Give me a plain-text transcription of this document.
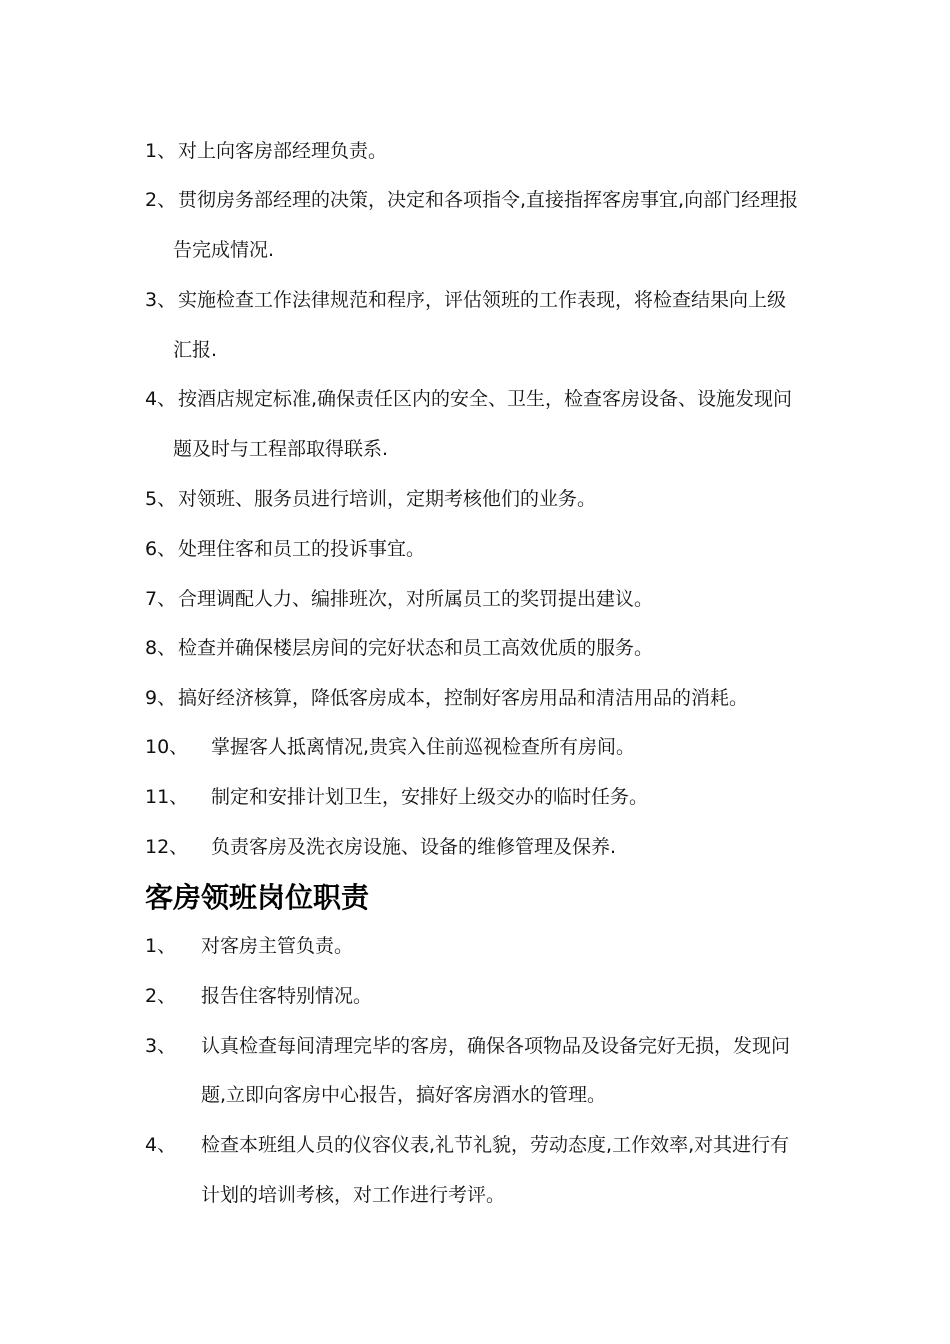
1、 对上向客房部经理负责。
2、 贯彻房务部经理的决策，决定和各项指令,直接指挥客房事宜,向部门经理报
告完成情况.
3、 实施检查工作法律规范和程序，评估领班的工作表现，将检查结果向上级
汇报.
4、 按酒店规定标准,确保责任区内的安全、卫生，检查客房设备、设施发现问
题及时与工程部取得联系.
5、 对领班、服务员进行培训，定期考核他们的业务。
6、 处理住客和员工的投诉事宜。
7、 合理调配人力、编排班次，对所属员工的奖罚提出建议。
8、 检查并确保楼层房间的完好状态和员工高效优质的服务。
9、 搞好经济核算，降低客房成本，控制好客房用品和清洁用品的消耗。
10、 掌握客人抵离情况,贵宾入住前巡视检查所有房间。
11、 制定和安排计划卫生，安排好上级交办的临时任务。
12、 负责客房及洗衣房设施、设备的维修管理及保养.
客房领班岗位职责
1、 对客房主管负责。
2、 报告住客特别情况。
3、 认真检查每间清理完毕的客房，确保各项物品及设备完好无损，发现问
题,立即向客房中心报告，搞好客房酒水的管理。
4、 检查本班组人员的仪容仪表,礼节礼貌，劳动态度,工作效率,对其进行有
计划的培训考核，对工作进行考评。
